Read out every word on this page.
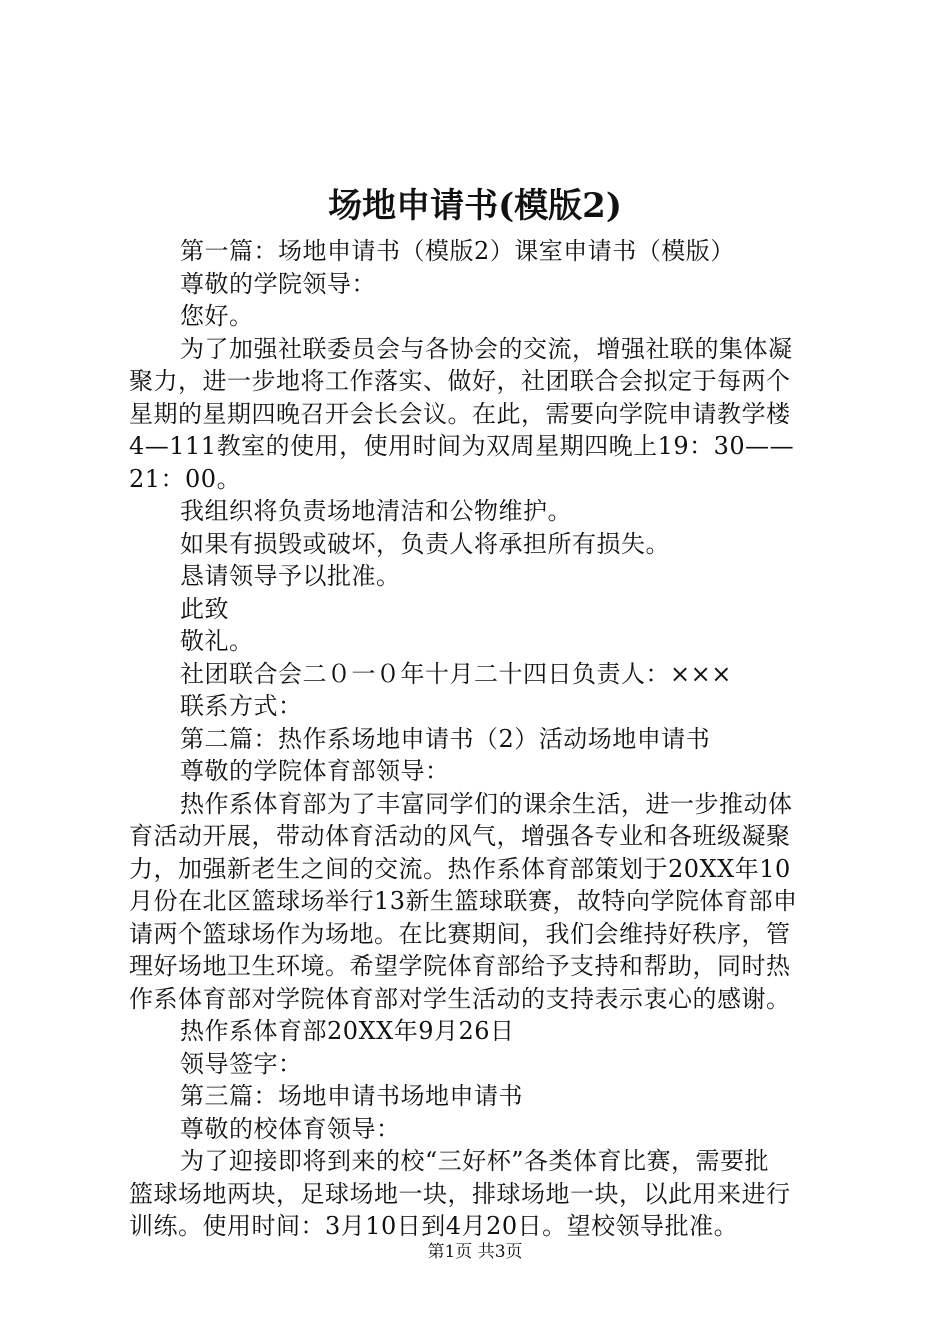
场地申请书(模版2)
第一篇：场地申请书（模版2）课室申请书（模版）
尊敬的学院领导：
您好。
为了加强社联委员会与各协会的交流，增强社联的集体凝
聚力，进一步地将工作落实、做好，社团联合会拟定于每两个
星期的星期四晚召开会长会议。在此，需要向学院申请教学楼
4—111教室的使用，使用时间为双周星期四晚上19：30——
21：00。
我组织将负责场地清洁和公物维护。
如果有损毁或破坏，负责人将承担所有损失。
恳请领导予以批准。
此致
敬礼。
社团联合会二０一０年十月二十四日负责人：×××
联系方式：
第二篇：热作系场地申请书（2）活动场地申请书
尊敬的学院体育部领导：
热作系体育部为了丰富同学们的课余生活，进一步推动体
育活动开展，带动体育活动的风气，增强各专业和各班级凝聚
力，加强新老生之间的交流。热作系体育部策划于20XX年10
月份在北区篮球场举行13新生篮球联赛，故特向学院体育部申
请两个篮球场作为场地。在比赛期间，我们会维持好秩序，管
理好场地卫生环境。希望学院体育部给予支持和帮助，同时热
作系体育部对学院体育部对学生活动的支持表示衷心的感谢。
热作系体育部20XX年9月26日
领导签字：
第三篇：场地申请书场地申请书
尊敬的校体育领导：
为了迎接即将到来的校“三好杯”各类体育比赛，需要批
篮球场地两块，足球场地一块，排球场地一块，以此用来进行
训练。使用时间：3月10日到4月20日。望校领导批准。
第1页 共3页
